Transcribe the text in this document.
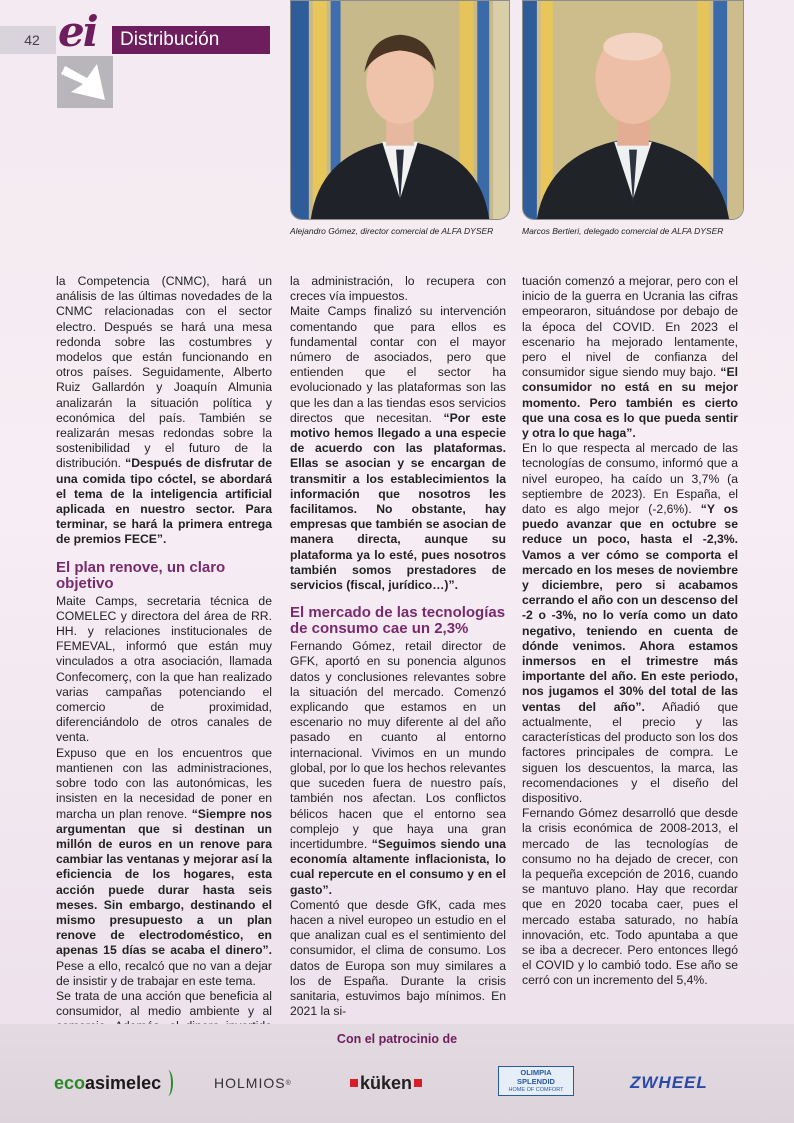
42 ei	Distribución
Alejandro Gómez, director comercial de ALFA DYSER	Marcos Bertieri, delegado comercial de ALFA DYSER

la Competencia (CNMC), hará un análisis de las últimas novedades de la CNMC relacionadas con el sector electro. Después se hará una mesa redonda sobre las costumbres y modelos que están funcionando en otros países. Seguidamente, Alberto Ruiz Gallardón y Joaquín Almunia analizarán la situación política y económica del país. También se realizarán mesas redondas sobre la sostenibilidad y el futuro de la distribución. “Después de disfrutar de una comida tipo cóctel, se abordará el tema de la inteligencia artificial aplicada en nuestro sector. Para terminar, se hará la primera entrega de premios FECE”.

El plan renove, un claro objetivo

Maite Camps, secretaria técnica de COMELEC y directora del área de RR. HH. y relaciones institucionales de FEMEVAL, informó que están muy vinculados a otra asociación, llamada Confecomerç, con la que han realizado varias campañas potenciando el comercio de proximidad, diferenciándolo de otros canales de venta.

Expuso que en los encuentros que mantienen con las administraciones, sobre todo con las autonómicas, les insisten en la necesidad de poner en marcha un plan renove. “Siempre nos argumentan que si destinan un millón de euros en un renove para cambiar las ventanas y mejorar así la eficiencia de los hogares, esta acción puede durar hasta seis meses. Sin embargo, destinando el mismo presupuesto a un plan renove de electrodoméstico, en apenas 15 días se acaba el dinero”. Pese a ello, recalcó que no van a dejar de insistir y de trabajar en este tema.

Se trata de una acción que beneficia al consumidor, al medio ambiente y al

la administración, lo recupera con creces vía impuestos.

Maite Camps finalizó su intervención comentando que para ellos es fundamental contar con el mayor número de asociados, pero que entienden que el sector ha evolucionado y las plataformas son las que les dan a las tiendas esos servicios directos que necesitan. “Por este motivo hemos llegado a una especie de acuerdo con las plataformas. Ellas se asocian y se encargan de transmitir a los establecimientos la información que nosotros les facilitamos. No obstante, hay empresas que también se asocian de manera directa, aunque su plataforma ya lo esté, pues nosotros también somos prestadores de servicios (fiscal, jurídico…)”.

El mercado de las tecnologías de consumo cae un 2,3%

Fernando Gómez, retail director de GFK, aportó en su ponencia algunos datos y conclusiones relevantes sobre la situación del mercado. Comenzó explicando que estamos en un escenario no muy diferente al del año pasado en cuanto al entorno internacional. Vivimos en un mundo global, por lo que los hechos relevantes que suceden fuera de nuestro país, también nos afectan. Los conflictos bélicos hacen que el entorno sea complejo y que haya una gran incertidumbre. “Seguimos siendo una economía altamente inflacionista, lo cual repercute en el consumo y en el gasto”.

Comentó que desde GfK, cada mes hacen a nivel europeo un estudio en el que analizan cual es el sentimiento del consumidor, el clima de consumo. Los datos de Europa son muy similares a los de España. Durante la crisis sanitaria, estuvimos bajo mínimos. En 2021 la si-

tuación comenzó a mejorar, pero con el inicio de la guerra en Ucrania las cifras empeoraron, situándose por debajo de la época del COVID. En 2023 el escenario ha mejorado lentamente, pero el nivel de confianza del consumidor sigue siendo muy bajo. “El consumidor no está en su mejor momento. Pero también es cierto que una cosa es lo que pueda sentir y otra lo que haga”.

En lo que respecta al mercado de las tecnologías de consumo, informó que a nivel europeo, ha caído un 3,7% (a septiembre de 2023). En España, el dato es algo mejor (-2,6%). “Y os puedo avanzar que en octubre se reduce un poco, hasta el -2,3%. Vamos a ver cómo se comporta el mercado en los meses de noviembre y diciembre, pero si acabamos cerrando el año con un descenso del -2 o -3%, no lo vería como un dato negativo, teniendo en cuenta de dónde venimos. Ahora estamos inmersos en el trimestre más importante del año. En este periodo, nos jugamos el 30% del total de las ventas del año”. Añadió que actualmente, el precio y las características del producto son los dos factores principales de compra. Le siguen los descuentos, la marca, las recomendaciones y el diseño del dispositivo.

Fernando Gómez desarrolló que desde la crisis económica de 2008-2013, el mercado de las tecnologías de consumo no ha dejado de crecer, con la pequeña excepción de 2016, cuando se mantuvo plano. Hay que recordar que en 2020 tocaba caer, pues el mercado estaba saturado, no había innovación, etc. Todo apuntaba a que se iba a decrecer. Pero entonces llegó el COVID y lo cambió todo. Ese año se cerró con un incremento del 5,4%.

Con el patrocinio de
eco asimelec	HOLMIOS ®	küken
OLIMPIA
SPLENDID
HOME OF COMFORT	ZWHEEL
